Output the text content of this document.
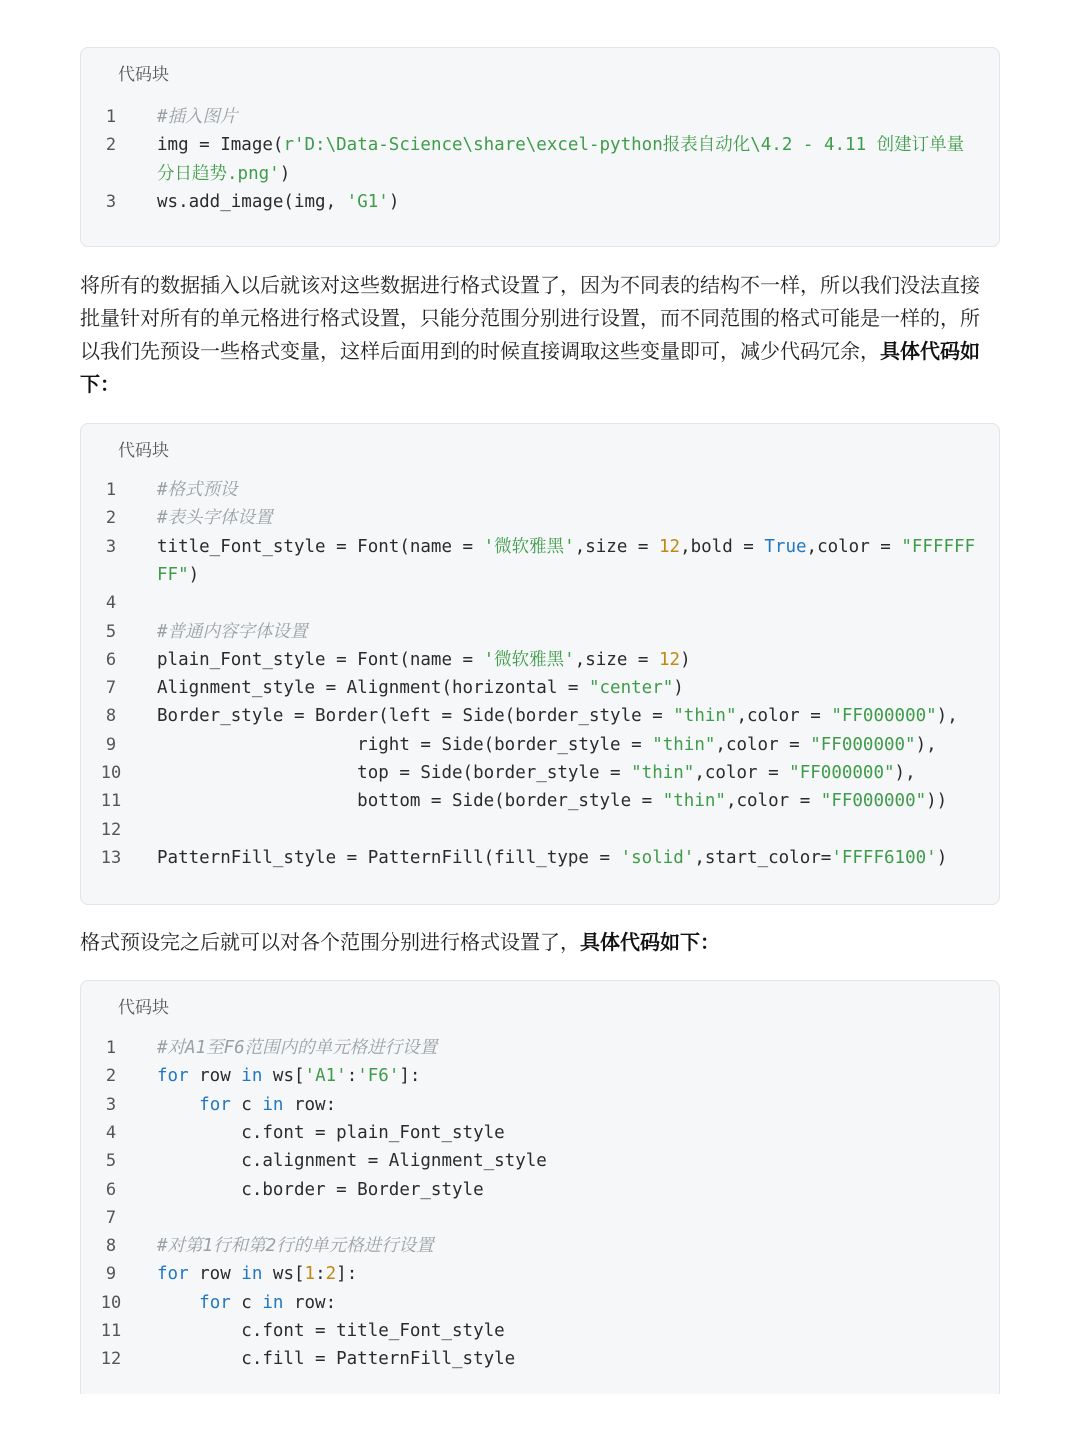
代码块
1	#插入图片
2	img = Image(r'D:\Data-Science\share\excel-python报表自动化\4.2 - 4.11 创建订单量分日趋势.png')
3	ws.add_image(img, 'G1')
将所有的数据插入以后就该对这些数据进行格式设置了，因为不同表的结构不一样，所以我们没法直接批量针对所有的单元格进行格式设置，只能分范围分别进行设置，而不同范围的格式可能是一样的，所以我们先预设一些格式变量，这样后面用到的时候直接调取这些变量即可，减少代码冗余，具体代码如下：
代码块
1	#格式预设
2	#表头字体设置
3	title_Font_style = Font(name = '微软雅黑',size = 12,bold = True,color = "FFFFFFFF")
4
5	#普通内容字体设置
6	plain_Font_style = Font(name = '微软雅黑',size = 12)
7	Alignment_style = Alignment(horizontal = "center")
8	Border_style = Border(left = Side(border_style = "thin",color = "FF000000"),
9	right = Side(border_style = "thin",color = "FF000000"),
10	top = Side(border_style = "thin",color = "FF000000"),
11	bottom = Side(border_style = "thin",color = "FF000000"))
12
13	PatternFill_style = PatternFill(fill_type = 'solid',start_color='FFFF6100')
格式预设完之后就可以对各个范围分别进行格式设置了，具体代码如下：
代码块
1	#对A1至F6范围内的单元格进行设置
2	for row in ws['A1':'F6']:
3	for c in row:
4	c.font = plain_Font_style
5	c.alignment = Alignment_style
6	c.border = Border_style
7
8	#对第1行和第2行的单元格进行设置
9	for row in ws[1:2]:
10	for c in row:
11	c.font = title_Font_style
12	c.fill = PatternFill_style
